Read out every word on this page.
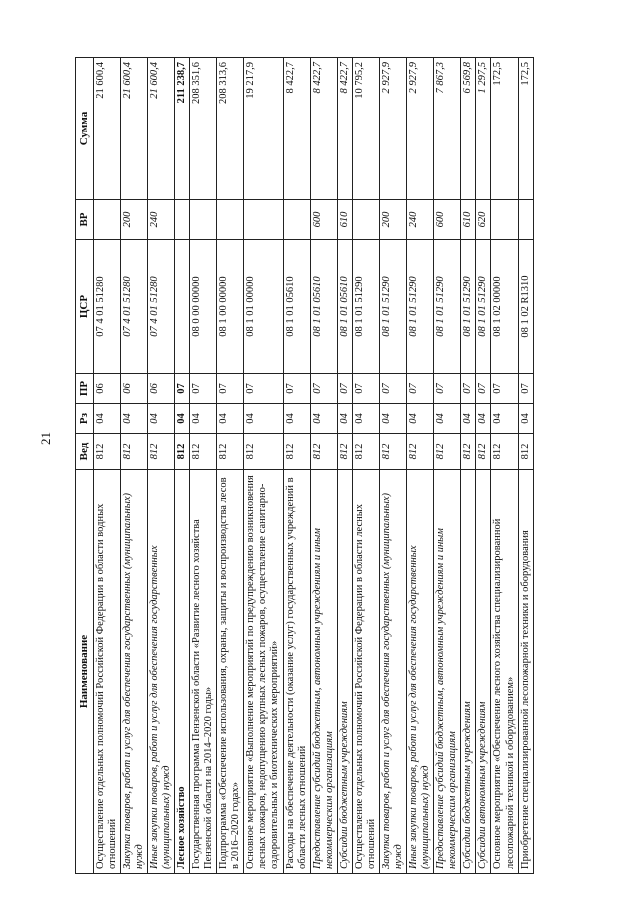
21
Наименование	Вед	Рз	ПР	ЦСР	ВР	Сумма
Осуществление отдельных полномочий Российской Федерации в области водных отношений	812	04	06	07 4 01 51280		21 600,4
Закупка товаров, работ и услуг для обеспечения государственных (муниципальных) нужд	812	04	06	07 4 01 51280	200	21 600,4
Иные закупки товаров, работ и услуг для обеспечения государственных (муниципальных) нужд	812	04	06	07 4 01 51280	240	21 600,4
Лесное хозяйство	812	04	07			211 238,7
Государственная программа Пензенской области «Развитие лесного хозяйства Пензенской области на 2014–2020 годы»	812	04	07	08 0 00 00000		208 351,6
Подпрограмма «Обеспечение использования, охраны, защиты и воспроизводства лесов в 2016–2020 годах»	812	04	07	08 1 00 00000		208 313,6
Основное мероприятие «Выполнение мероприятий по предупреждению возникновения лесных пожаров, недопущению крупных лесных пожаров, осуществление санитарно-оздоровительных и биотехнических мероприятий»	812	04	07	08 1 01 00000		19 217,9
Расходы на обеспечение деятельности (оказание услуг) государственных учреждений в области лесных отношений	812	04	07	08 1 01 05610		8 422,7
Предоставление субсидий бюджетным, автономным учреждениям и иным некоммерческим организациям	812	04	07	08 1 01 05610	600	8 422,7
Субсидии бюджетным учреждениям	812	04	07	08 1 01 05610	610	8 422,7
Осуществление отдельных полномочий Российской Федерации в области лесных отношений	812	04	07	08 1 01 51290		10 795,2
Закупка товаров, работ и услуг для обеспечения государственных (муниципальных) нужд	812	04	07	08 1 01 51290	200	2 927,9
Иные закупки товаров, работ и услуг для обеспечения государственных (муниципальных) нужд	812	04	07	08 1 01 51290	240	2 927,9
Предоставление субсидий бюджетным, автономным учреждениям и иным некоммерческим организациям	812	04	07	08 1 01 51290	600	7 867,3
Субсидии бюджетным учреждениям	812	04	07	08 1 01 51290	610	6 569,8
Субсидии автономным учреждениям	812	04	07	08 1 01 51290	620	1 297,5
Основное мероприятие «Обеспечение лесного хозяйства специализированной лесопожарной техникой и оборудованием»	812	04	07	08 1 02 00000		172,5
Приобретение специализированной лесопожарной техники и оборудования	812	04	07	08 1 02 R1310		172,5
